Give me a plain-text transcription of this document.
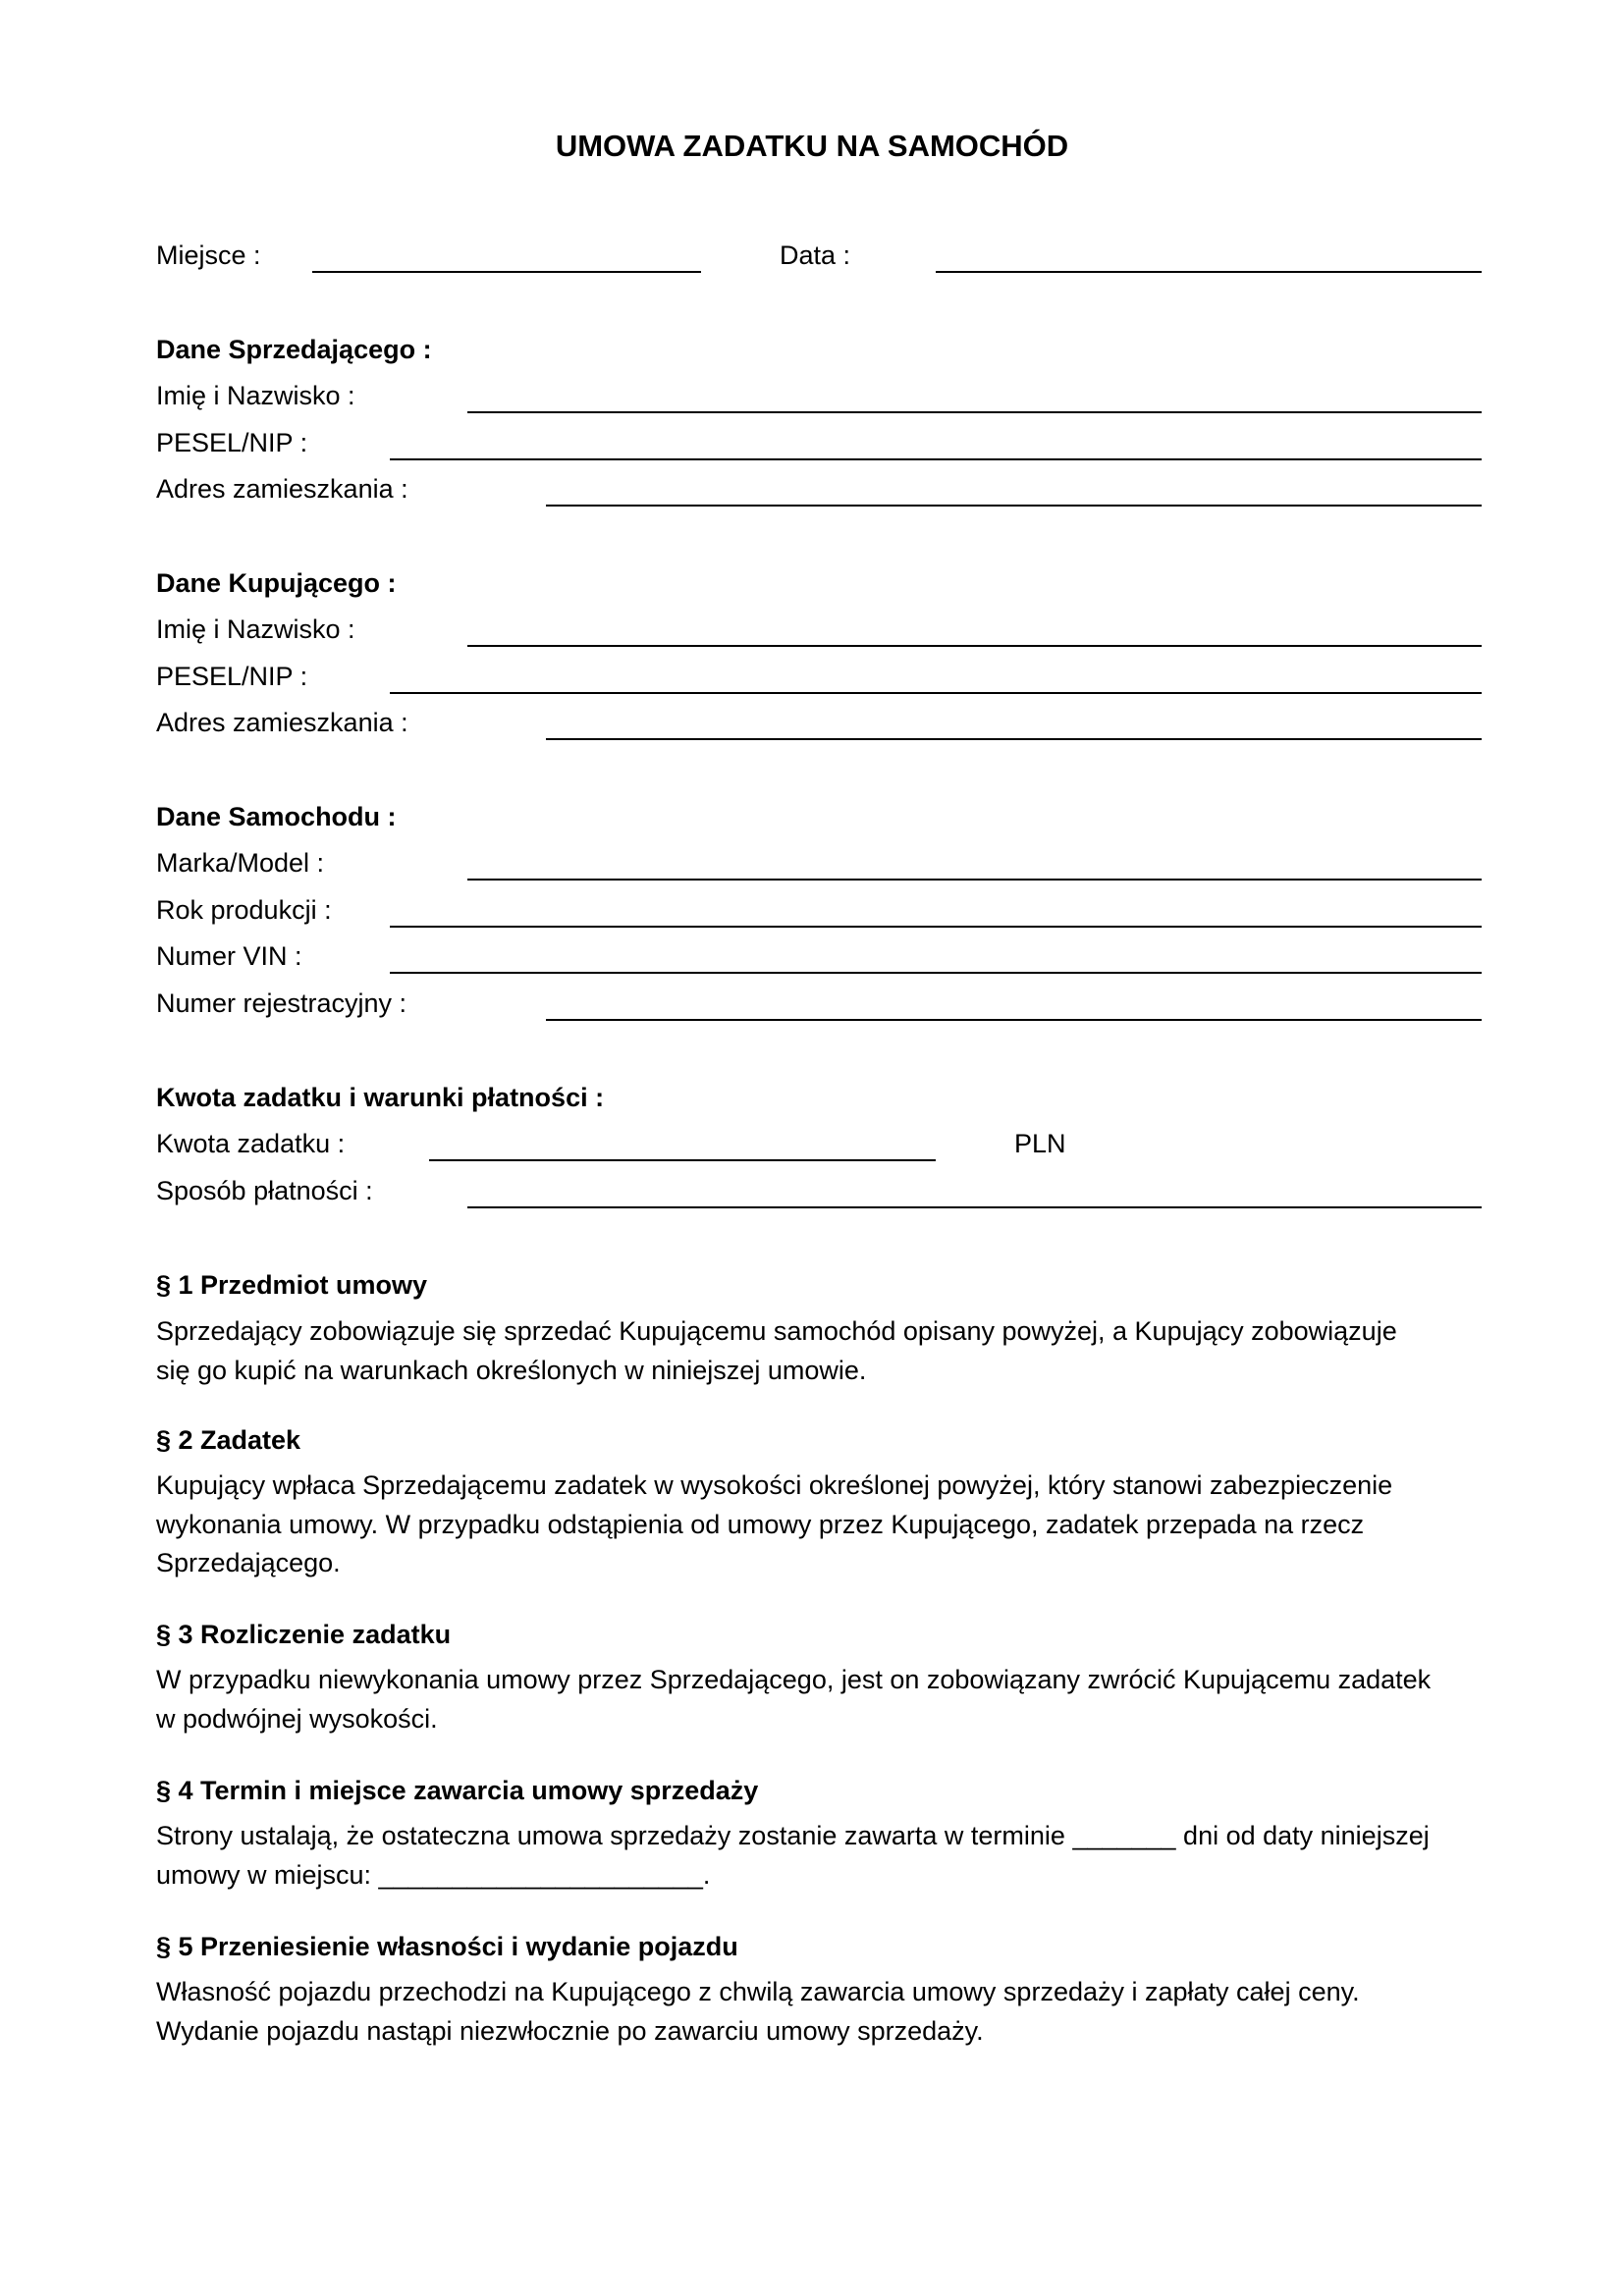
UMOWA ZADATKU NA SAMOCHÓD
Miejsce :	Data :
Dane Sprzedającego :
Imię i Nazwisko :
PESEL/NIP :
Adres zamieszkania :
Dane Kupującego :
Imię i Nazwisko :
PESEL/NIP :
Adres zamieszkania :
Dane Samochodu :
Marka/Model :
Rok produkcji :
Numer VIN :
Numer rejestracyjny :
Kwota zadatku i warunki płatności :
Kwota zadatku :	PLN
Sposób płatności :
§ 1 Przedmiot umowy
Sprzedający zobowiązuje się sprzedać Kupującemu samochód opisany powyżej, a Kupujący zobowiązuje
się go kupić na warunkach określonych w niniejszej umowie.
§ 2 Zadatek
Kupujący wpłaca Sprzedającemu zadatek w wysokości określonej powyżej, który stanowi zabezpieczenie
wykonania umowy. W przypadku odstąpienia od umowy przez Kupującego, zadatek przepada na rzecz
Sprzedającego.
§ 3 Rozliczenie zadatku
W przypadku niewykonania umowy przez Sprzedającego, jest on zobowiązany zwrócić Kupującemu zadatek
w podwójnej wysokości.
§ 4 Termin i miejsce zawarcia umowy sprzedaży
Strony ustalają, że ostateczna umowa sprzedaży zostanie zawarta w terminie _______ dni od daty niniejszej
umowy w miejscu: ______________________.
§ 5 Przeniesienie własności i wydanie pojazdu
Własność pojazdu przechodzi na Kupującego z chwilą zawarcia umowy sprzedaży i zapłaty całej ceny.
Wydanie pojazdu nastąpi niezwłocznie po zawarciu umowy sprzedaży.
